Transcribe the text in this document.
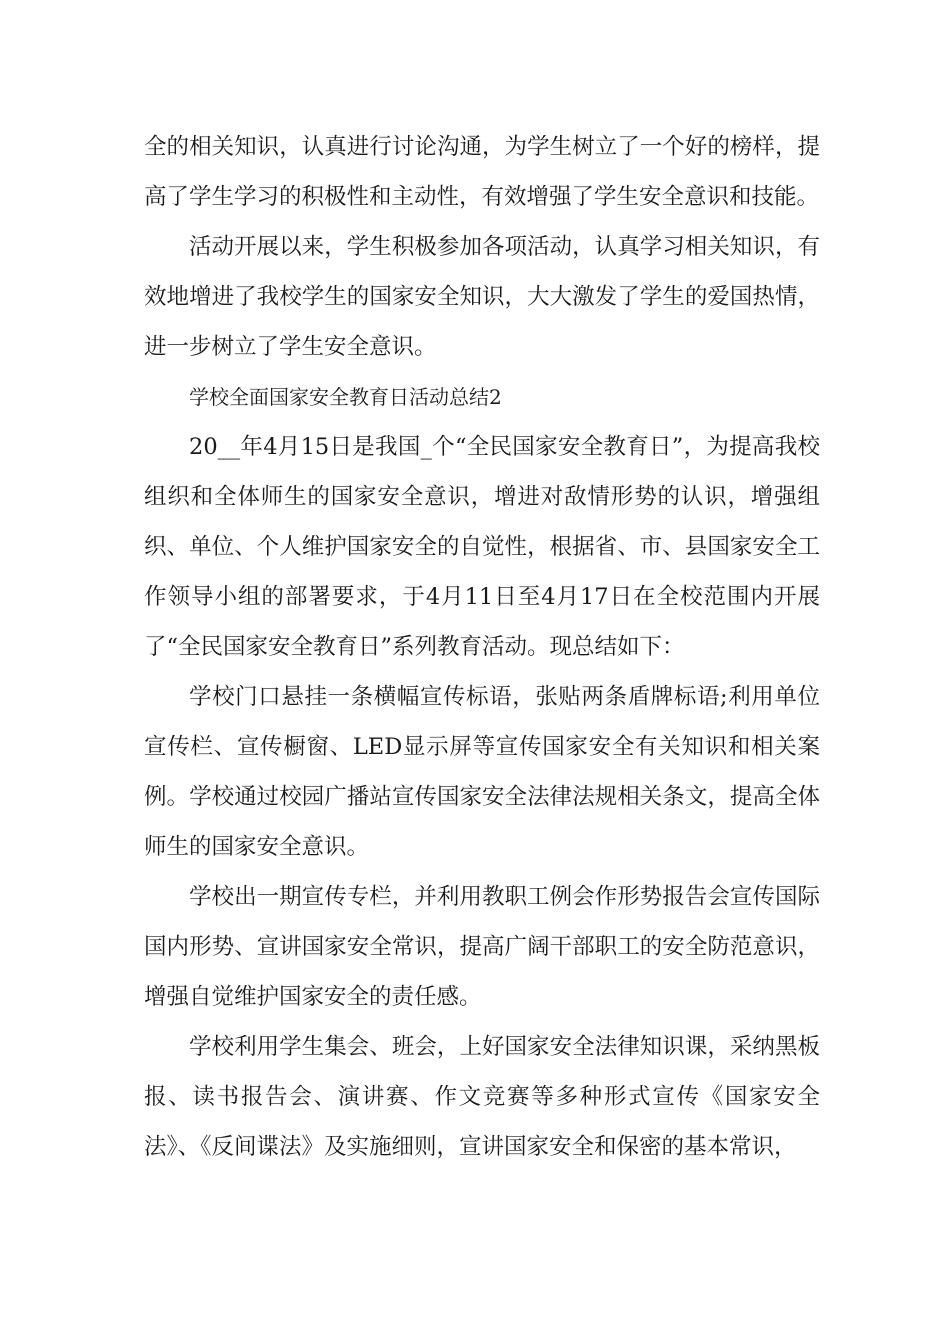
全的相关知识，认真进行讨论沟通，为学生树立了一个好的榜样，提高了学生学习的积极性和主动性，有效增强了学生安全意识和技能。

活动开展以来，学生积极参加各项活动，认真学习相关知识，有效地增进了我校学生的国家安全知识，大大激发了学生的爱国热情，进一步树立了学生安全意识。

学校全面国家安全教育日活动总结2

20__年4月15日是我国_个“全民国家安全教育日”，为提高我校组织和全体师生的国家安全意识，增进对敌情形势的认识，增强组织、单位、个人维护国家安全的自觉性，根据省、市、县国家安全工作领导小组的部署要求，于4月11日至4月17日在全校范围内开展了“全民国家安全教育日”系列教育活动。现总结如下：

学校门口悬挂一条横幅宣传标语，张贴两条盾牌标语;利用单位宣传栏、宣传橱窗、LED显示屏等宣传国家安全有关知识和相关案例。学校通过校园广播站宣传国家安全法律法规相关条文，提高全体师生的国家安全意识。

学校出一期宣传专栏，并利用教职工例会作形势报告会宣传国际国内形势、宣讲国家安全常识，提高广阔干部职工的安全防范意识，增强自觉维护国家安全的责任感。

学校利用学生集会、班会，上好国家安全法律知识课，采纳黑板报、读书报告会、演讲赛、作文竞赛等多种形式宣传《国家安全法》、《反间谍法》及实施细则，宣讲国家安全和保密的基本常识，
